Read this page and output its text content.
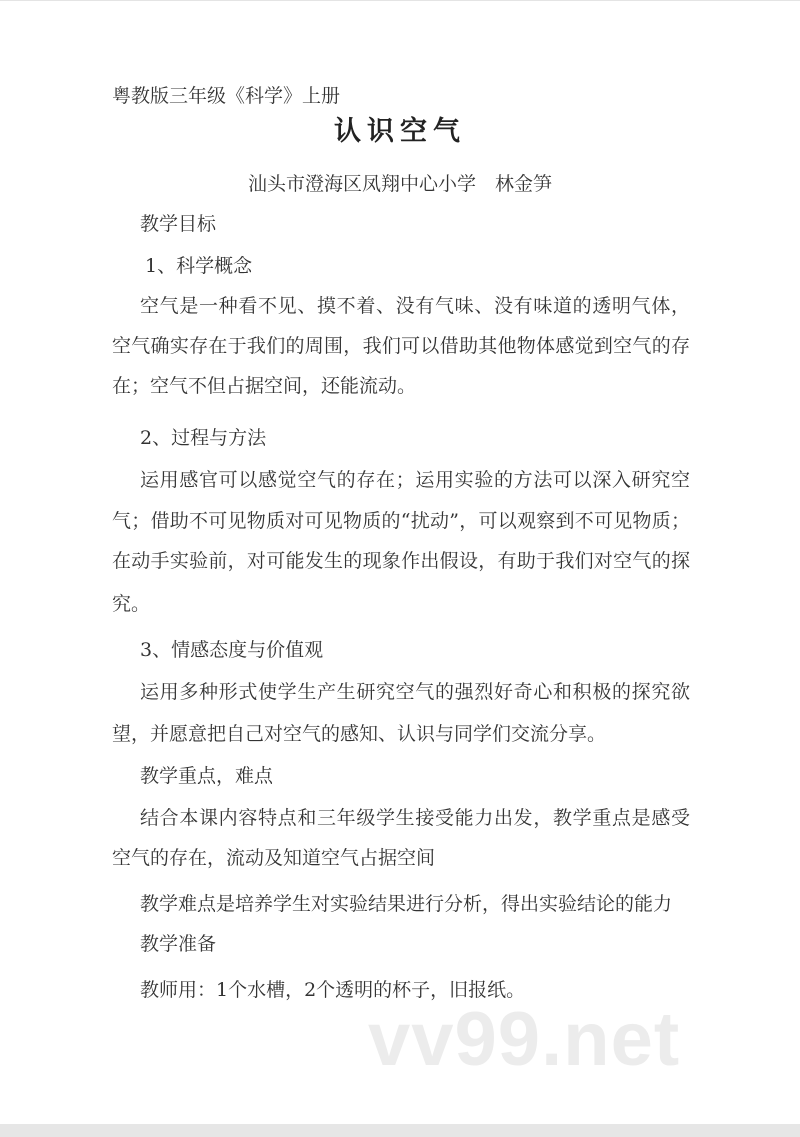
粤教版三年级《科学》上册
认识空气
汕头市澄海区凤翔中心小学　林金笋
教学目标
1、科学概念
空气是一种看不见、摸不着、没有气味、没有味道的透明气体，
空气确实存在于我们的周围，我们可以借助其他物体感觉到空气的存
在；空气不但占据空间，还能流动。
2、过程与方法
运用感官可以感觉空气的存在；运用实验的方法可以深入研究空
气；借助不可见物质对可见物质的“扰动”，可以观察到不可见物质；
在动手实验前，对可能发生的现象作出假设，有助于我们对空气的探
究。
3、情感态度与价值观
运用多种形式使学生产生研究空气的强烈好奇心和积极的探究欲
望，并愿意把自己对空气的感知、认识与同学们交流分享。
教学重点，难点
结合本课内容特点和三年级学生接受能力出发，教学重点是感受
空气的存在，流动及知道空气占据空间
教学难点是培养学生对实验结果进行分析，得出实验结论的能力
教学准备
教师用：1个水槽，2个透明的杯子，旧报纸。
vv99.net
